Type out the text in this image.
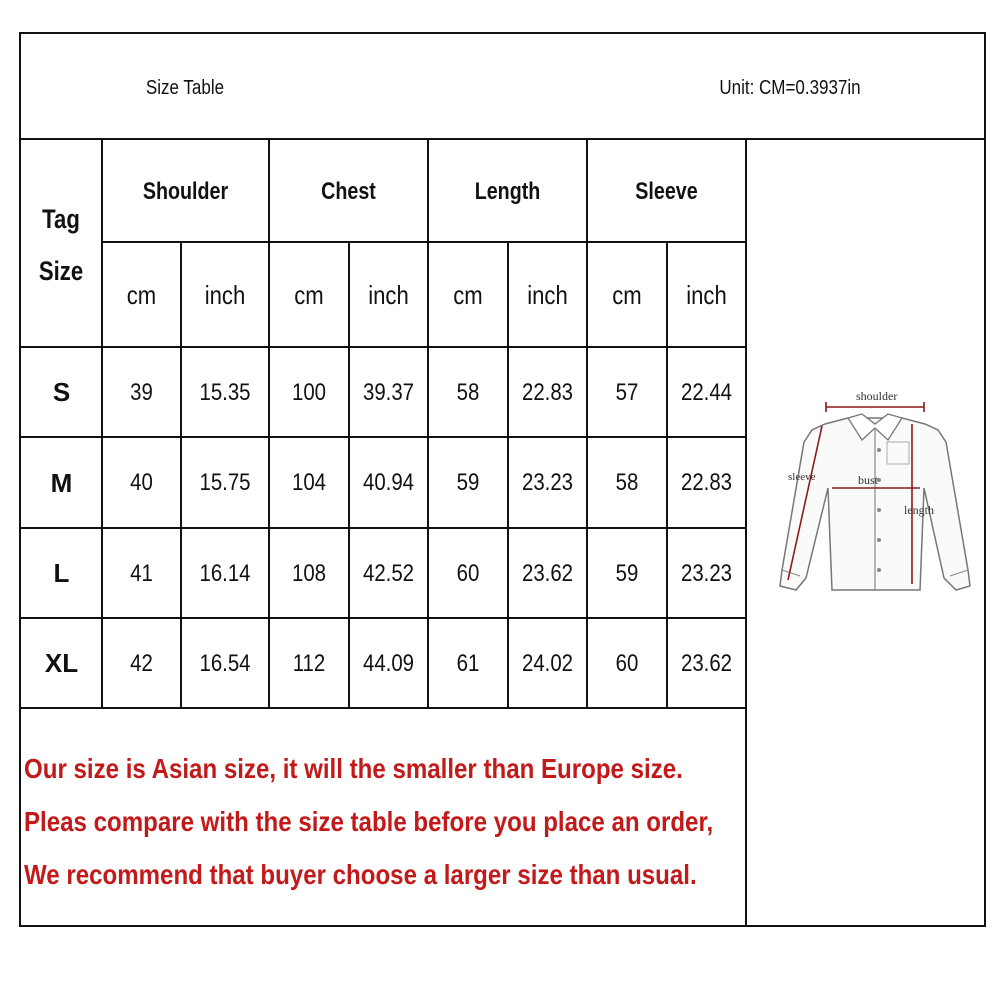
Size Table	Unit: CM=0.3937in
Tag
Size
Shoulder	Chest	Length	Sleeve
cm	inch	cm	inch	cm	inch	cm	inch
S	39	15.35	100	39.37	58	22.83	57	22.44
M	40	15.75	104	40.94	59	23.23	58	22.83
L	41	16.14	108	42.52	60	23.62	59	23.23
XL	42	16.54	112	44.09	61	24.02	60	23.62
Our size is Asian size, it will the smaller than Europe size. Pleas compare with the size table before you place an order, We recommend that buyer choose a larger size than usual.
shoulder
sleeve	bust
length
